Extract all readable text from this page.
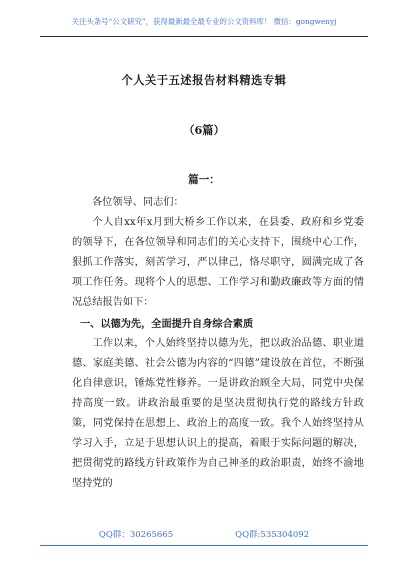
关注头条号“公文研究”，获得最新最全最专业的公文资料库！ 微信：gongwenyj
个人关于五述报告材料精选专辑
（6篇）
篇一：

各位领导、同志们：

个人自xx年x月到大桥乡工作以来，在县委、政府和乡党委的领导下，在各位领导和同志们的关心支持下，围绕中心工作，狠抓工作落实，刻苦学习，严以律己，恪尽职守，圆满完成了各项工作任务。现将个人的思想、工作学习和勤政廉政等方面的情况总结报告如下：

一、以德为先，全面提升自身综合素质

工作以来，个人始终坚持以德为先，把以政治品德、职业道德、家庭美德、社会公德为内容的“四德”建设放在首位，不断强化自律意识，锤炼党性修养。一是讲政治顾全大局，同党中央保持高度一致。讲政治最重要的是坚决贯彻执行党的路线方针政策，同党保持在思想上、政治上的高度一致。我个人始终坚持从学习入手，立足于思想认识上的提高，着眼于实际问题的解决，把贯彻党的路线方针政策作为自己神圣的政治职责，始终不渝地坚持党的

QQ群：30265665	QQ群:535304092
